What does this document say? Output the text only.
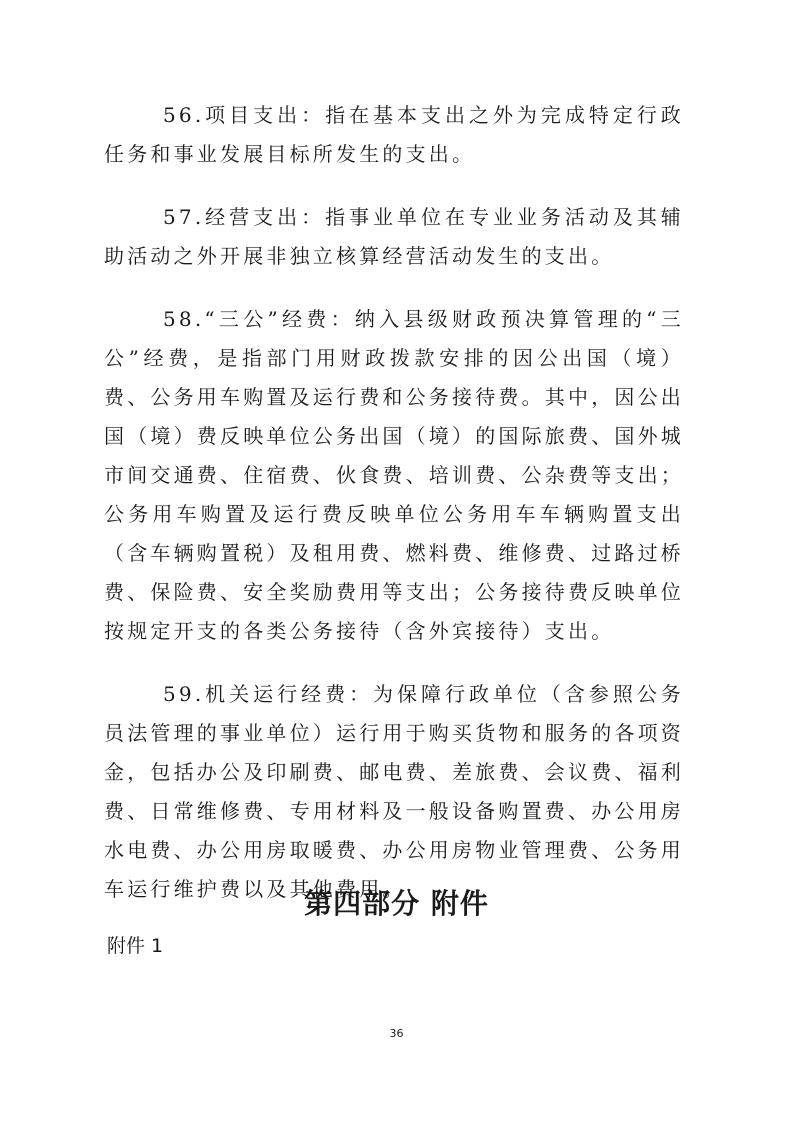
56.项目支出：指在基本支出之外为完成特定行政任务和事业发展目标所发生的支出。

57.经营支出：指事业单位在专业业务活动及其辅助活动之外开展非独立核算经营活动发生的支出。

58.“三公”经费：纳入县级财政预决算管理的“三公”经费，是指部门用财政拨款安排的因公出国（境）费、公务用车购置及运行费和公务接待费。其中，因公出国（境）费反映单位公务出国（境）的国际旅费、国外城市间交通费、住宿费、伙食费、培训费、公杂费等支出；公务用车购置及运行费反映单位公务用车车辆购置支出（含车辆购置税）及租用费、燃料费、维修费、过路过桥费、保险费、安全奖励费用等支出；公务接待费反映单位按规定开支的各类公务接待（含外宾接待）支出。

59.机关运行经费：为保障行政单位（含参照公务员法管理的事业单位）运行用于购买货物和服务的各项资金，包括办公及印刷费、邮电费、差旅费、会议费、福利费、日常维修费、专用材料及一般设备购置费、办公用房水电费、办公用房取暖费、办公用房物业管理费、公务用车运行维护费以及其他费用。

第四部分 附件

附件 1

36
